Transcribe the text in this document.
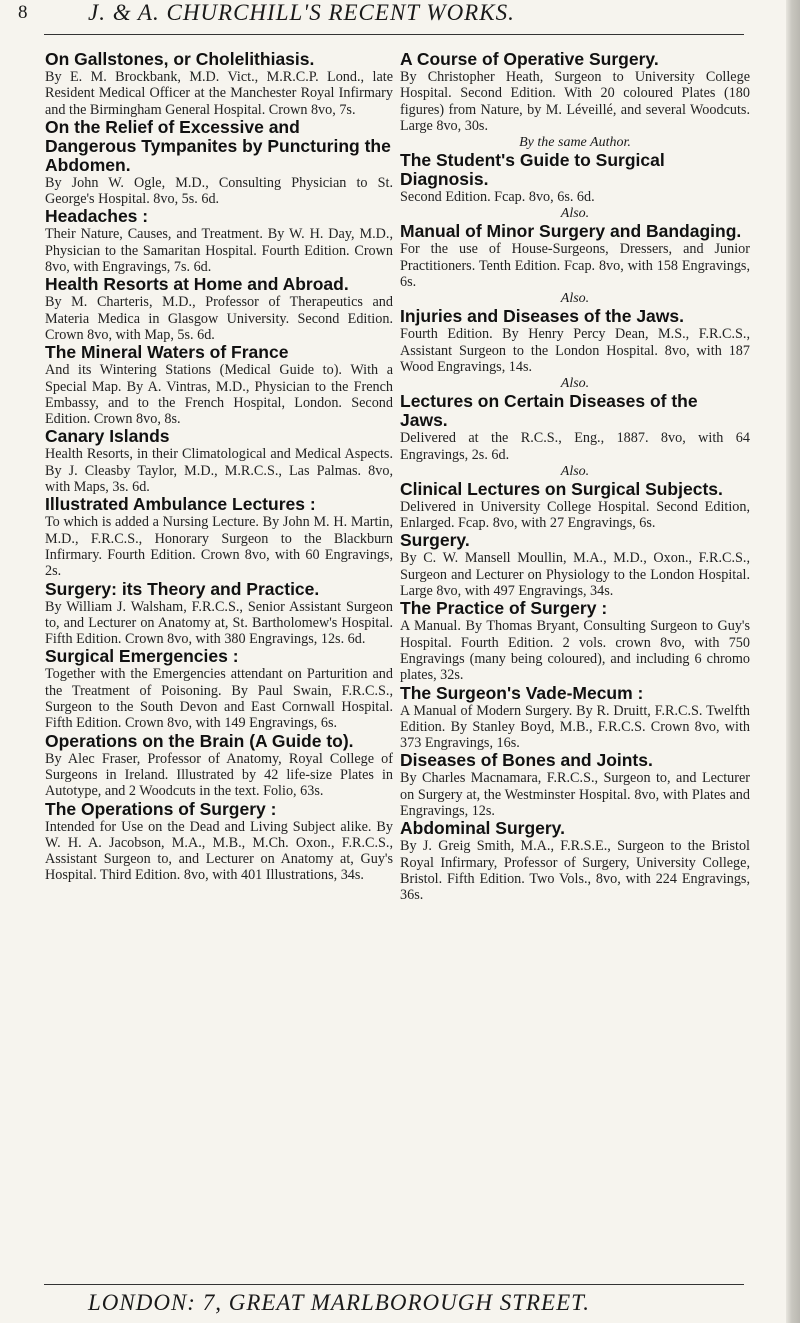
8	J. & A. CHURCHILL'S RECENT WORKS.
On Gallstones, or Cholelithiasis.
By E. M. Brockbank, M.D. Vict., M.R.C.P. Lond., late Resident Medical Officer at the Manchester Royal Infirmary and the Birmingham General Hospital. Crown 8vo, 7s.
On the Relief of Excessive and Dangerous Tympanites by Puncturing the Abdomen.
By John W. Ogle, M.D., Consulting Physician to St. George's Hospital. 8vo, 5s. 6d.
Headaches :
Their Nature, Causes, and Treatment. By W. H. Day, M.D., Physician to the Samaritan Hospital. Fourth Edition. Crown 8vo, with Engravings, 7s. 6d.
Health Resorts at Home and Abroad.
By M. Charteris, M.D., Professor of Therapeutics and Materia Medica in Glasgow University. Second Edition. Crown 8vo, with Map, 5s. 6d.
The Mineral Waters of France
And its Wintering Stations (Medical Guide to). With a Special Map. By A. Vintras, M.D., Physician to the French Embassy, and to the French Hospital, London. Second Edition. Crown 8vo, 8s.
Canary Islands
Health Resorts, in their Climatological and Medical Aspects. By J. Cleasby Taylor, M.D., M.R.C.S., Las Palmas. 8vo, with Maps, 3s. 6d.
Illustrated Ambulance Lectures :
To which is added a Nursing Lecture. By John M. H. Martin, M.D., F.R.C.S., Honorary Surgeon to the Blackburn Infirmary. Fourth Edition. Crown 8vo, with 60 Engravings, 2s.
Surgery: its Theory and Practice.
By William J. Walsham, F.R.C.S., Senior Assistant Surgeon to, and Lecturer on Anatomy at, St. Bartholomew's Hospital. Fifth Edition. Crown 8vo, with 380 Engravings, 12s. 6d.
Surgical Emergencies :
Together with the Emergencies attendant on Parturition and the Treatment of Poisoning. By Paul Swain, F.R.C.S., Surgeon to the South Devon and East Cornwall Hospital. Fifth Edition. Crown 8vo, with 149 Engravings, 6s.
Operations on the Brain (A Guide to).
By Alec Fraser, Professor of Anatomy, Royal College of Surgeons in Ireland. Illustrated by 42 life-size Plates in Autotype, and 2 Woodcuts in the text. Folio, 63s.
The Operations of Surgery :
Intended for Use on the Dead and Living Subject alike. By W. H. A. Jacobson, M.A., M.B., M.Ch. Oxon., F.R.C.S., Assistant Surgeon to, and Lecturer on Anatomy at, Guy's Hospital. Third Edition. 8vo, with 401 Illustrations, 34s.
A Course of Operative Surgery.
By Christopher Heath, Surgeon to University College Hospital. Second Edition. With 20 coloured Plates (180 figures) from Nature, by M. Léveillé, and several Woodcuts. Large 8vo, 30s.
By the same Author.
The Student's Guide to Surgical Diagnosis.
Second Edition. Fcap. 8vo, 6s. 6d.
Also.
Manual of Minor Surgery and Bandaging.
For the use of House-Surgeons, Dressers, and Junior Practitioners. Tenth Edition. Fcap. 8vo, with 158 Engravings, 6s.
Also.
Injuries and Diseases of the Jaws.
Fourth Edition. By Henry Percy Dean, M.S., F.R.C.S., Assistant Surgeon to the London Hospital. 8vo, with 187 Wood Engravings, 14s.
Also.
Lectures on Certain Diseases of the Jaws.
Delivered at the R.C.S., Eng., 1887. 8vo, with 64 Engravings, 2s. 6d.
Also.
Clinical Lectures on Surgical Subjects.
Delivered in University College Hospital. Second Edition, Enlarged. Fcap. 8vo, with 27 Engravings, 6s.
Surgery.
By C. W. Mansell Moullin, M.A., M.D., Oxon., F.R.C.S., Surgeon and Lecturer on Physiology to the London Hospital. Large 8vo, with 497 Engravings, 34s.
The Practice of Surgery :
A Manual. By Thomas Bryant, Consulting Surgeon to Guy's Hospital. Fourth Edition. 2 vols. crown 8vo, with 750 Engravings (many being coloured), and including 6 chromo plates, 32s.
The Surgeon's Vade-Mecum :
A Manual of Modern Surgery. By R. Druitt, F.R.C.S. Twelfth Edition. By Stanley Boyd, M.B., F.R.C.S. Crown 8vo, with 373 Engravings, 16s.
Diseases of Bones and Joints.
By Charles Macnamara, F.R.C.S., Surgeon to, and Lecturer on Surgery at, the Westminster Hospital. 8vo, with Plates and Engravings, 12s.
Abdominal Surgery.
By J. Greig Smith, M.A., F.R.S.E., Surgeon to the Bristol Royal Infirmary, Professor of Surgery, University College, Bristol. Fifth Edition. Two Vols., 8vo, with 224 Engravings, 36s.
LONDON: 7, GREAT MARLBOROUGH STREET.
